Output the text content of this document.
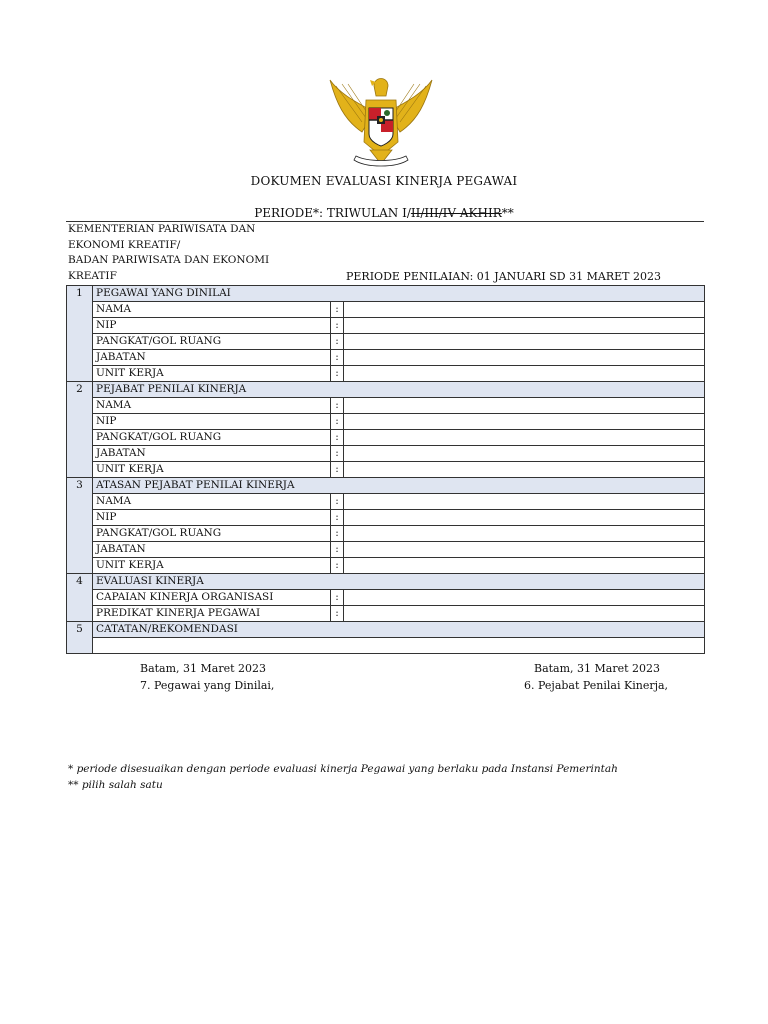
DOKUMEN EVALUASI KINERJA PEGAWAI
PERIODE*: TRIWULAN I/II/III/IV AKHIR**
KEMENTERIAN PARIWISATA DAN
EKONOMI KREATIF/
BADAN PARIWISATA DAN EKONOMI
KREATIF	PERIODE PENILAIAN: 01 JANUARI SD 31 MARET 2023
1	PEGAWAI YANG DINILAI		
	NAMA	:	
	NIP	:	
	PANGKAT/GOL RUANG	:	
	JABATAN	:	
	UNIT KERJA	:	
2	PEJABAT PENILAI KINERJA		
	NAMA	:	
	NIP	:	
	PANGKAT/GOL RUANG	:	
	JABATAN	:	
	UNIT KERJA	:	
3	ATASAN PEJABAT PENILAI KINERJA		
	NAMA	:	
	NIP	:	
	PANGKAT/GOL RUANG	:	
	JABATAN	:	
	UNIT KERJA	:	
4	EVALUASI KINERJA		
	CAPAIAN KINERJA ORGANISASI	:	
	PREDIKAT KINERJA PEGAWAI	:	
5	CATATAN/REKOMENDASI		

Batam, 31 Maret 2023
7. Pegawai yang Dinilai,
Batam, 31 Maret 2023
6. Pejabat Penilai Kinerja,
* periode disesuaikan dengan periode evaluasi kinerja Pegawai yang berlaku pada Instansi Pemerintah
** pilih salah satu
